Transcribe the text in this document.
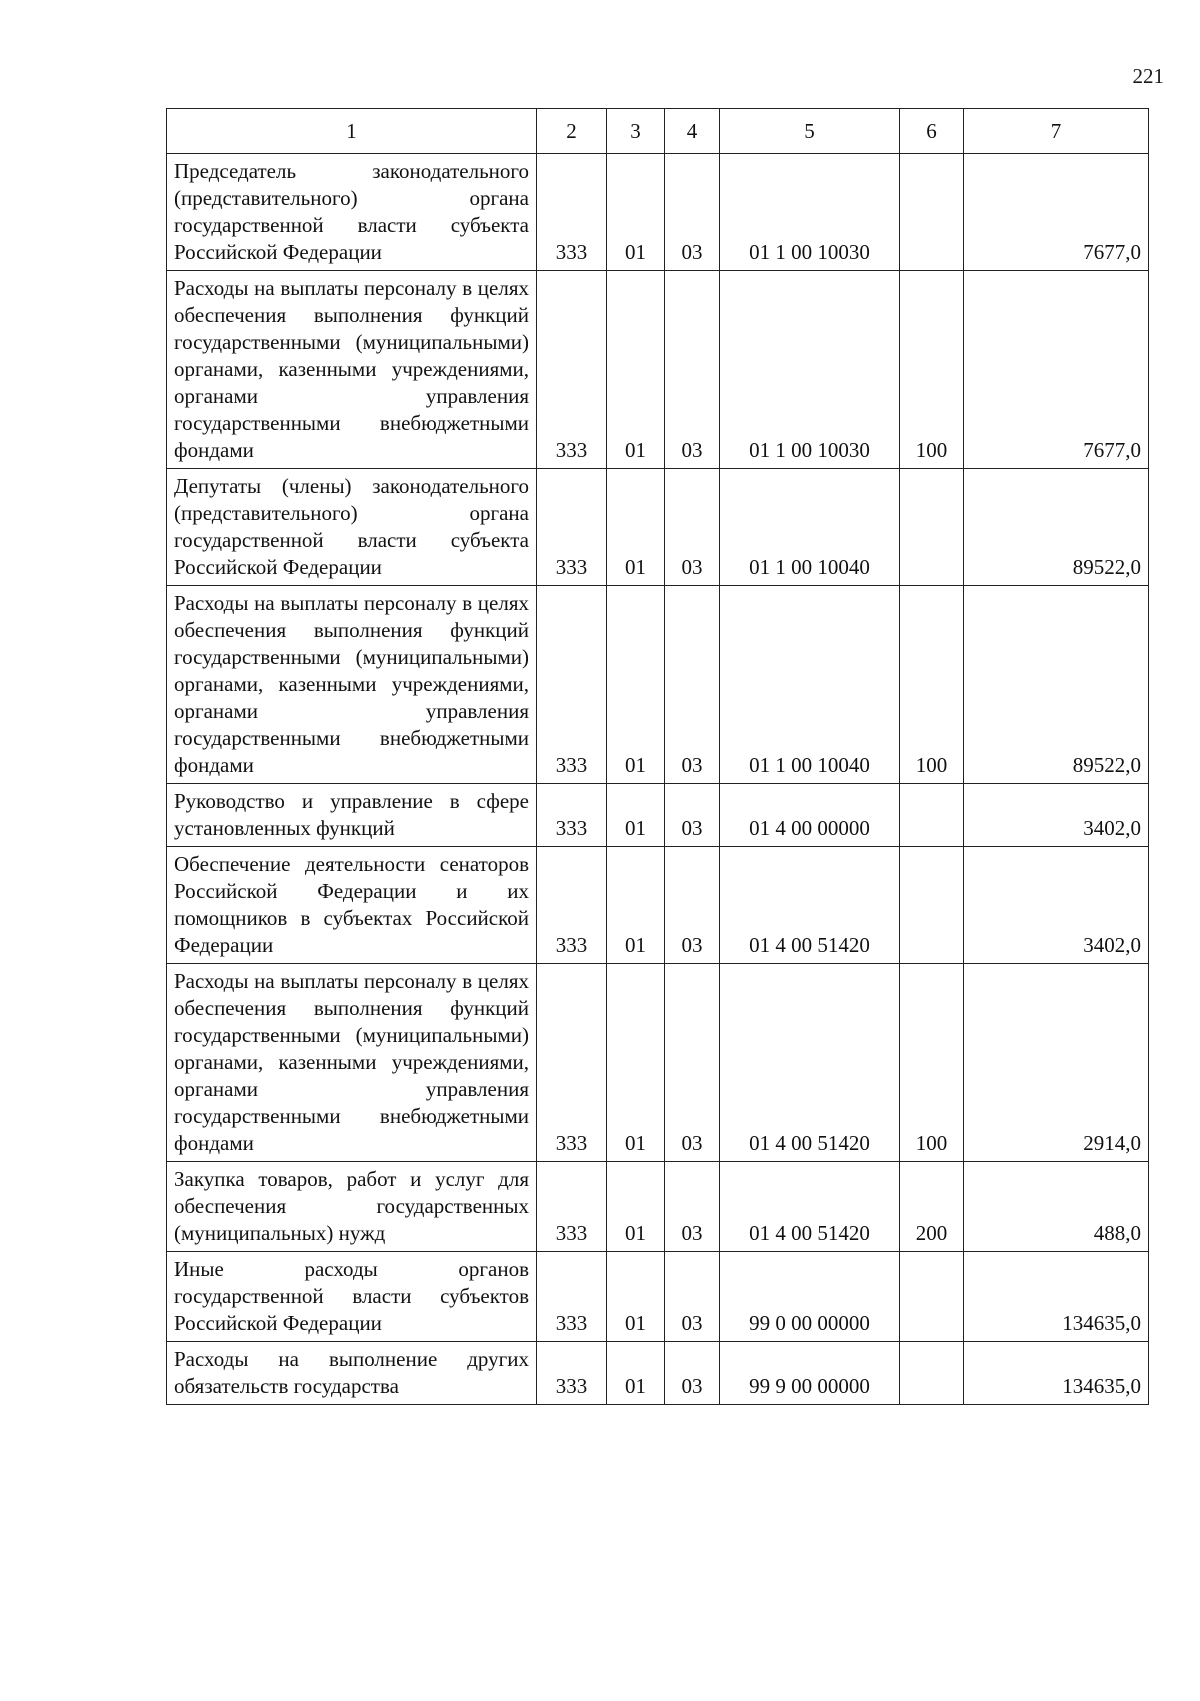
221
1	2	3	4	5	6	7
Председатель законодательного (представительного) органа государственной власти субъекта Российской Федерации	333	01	03	01 1 00 10030		7677,0
Расходы на выплаты персоналу в целях обеспечения выполнения функций государственными (муниципальными) органами, казенными учреждениями, органами управления государственными внебюджетными фондами	333	01	03	01 1 00 10030	100	7677,0
Депутаты (члены) законодательного (представительного) органа государственной власти субъекта Российской Федерации	333	01	03	01 1 00 10040		89522,0
Расходы на выплаты персоналу в целях обеспечения выполнения функций государственными (муниципальными) органами, казенными учреждениями, органами управления государственными внебюджетными фондами	333	01	03	01 1 00 10040	100	89522,0
Руководство и управление в сфере установленных функций	333	01	03	01 4 00 00000		3402,0
Обеспечение деятельности сенаторов Российской Федерации и их помощников в субъектах Российской Федерации	333	01	03	01 4 00 51420		3402,0
Расходы на выплаты персоналу в целях обеспечения выполнения функций государственными (муниципальными) органами, казенными учреждениями, органами управления государственными внебюджетными фондами	333	01	03	01 4 00 51420	100	2914,0
Закупка товаров, работ и услуг для обеспечения государственных (муниципальных) нужд	333	01	03	01 4 00 51420	200	488,0
Иные расходы органов государственной власти субъектов Российской Федерации	333	01	03	99 0 00 00000		134635,0
Расходы на выполнение других обязательств государства	333	01	03	99 9 00 00000		134635,0
